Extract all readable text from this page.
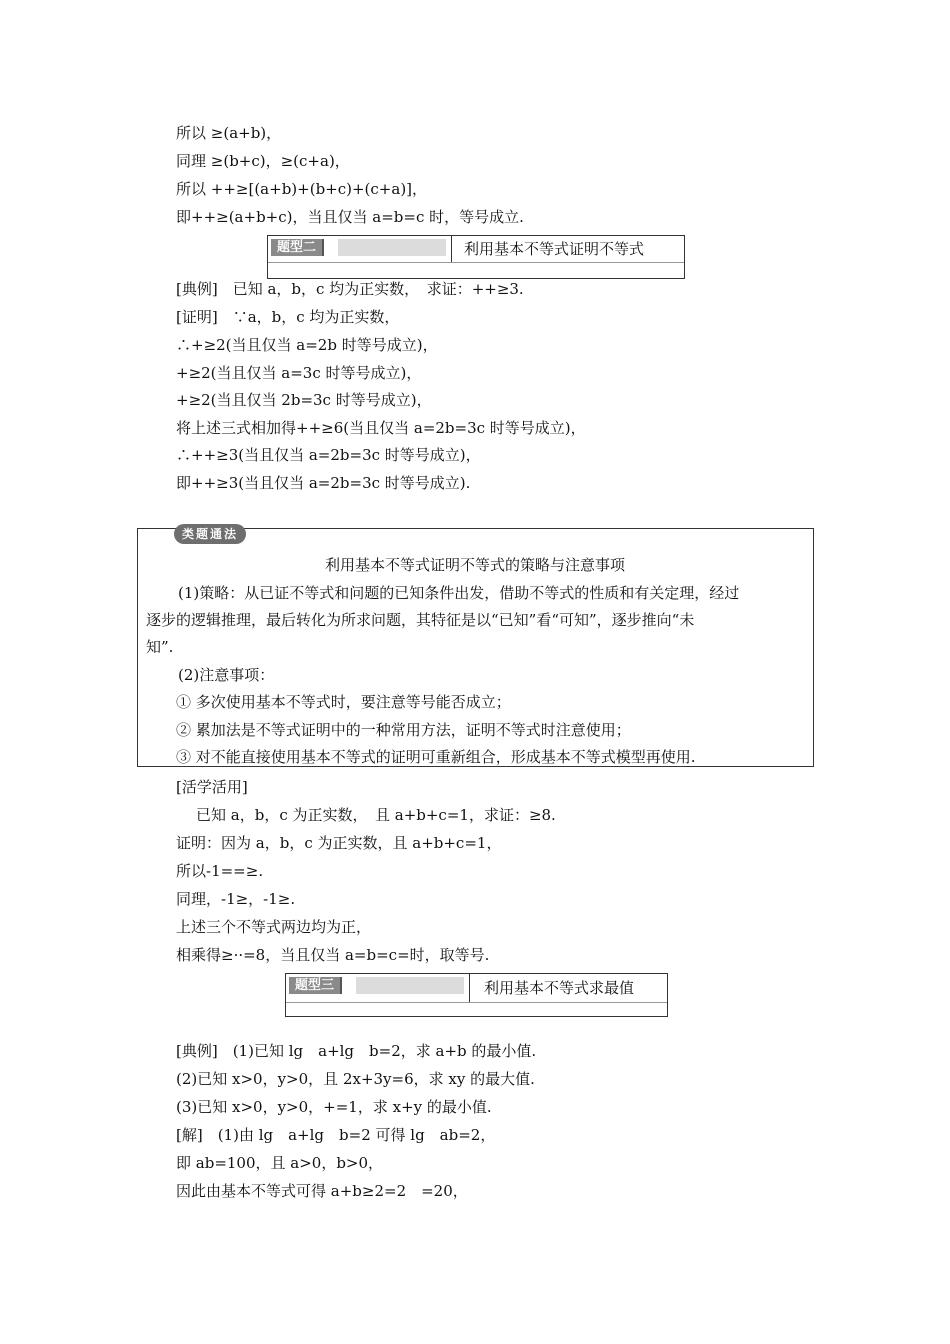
所以 ≥(a+b)，
同理 ≥(b+c)，≥(c+a)，
所以 ++≥[(a+b)+(b+c)+(c+a)]，
即++≥(a+b+c)，当且仅当 a=b=c 时，等号成立.
题型二	利用基本不等式证明不等式
[典例]　已知 a，b，c 均为正实数，　求证：++≥3.
[证明]　∵a，b，c 均为正实数，
∴+≥2(当且仅当 a=2b 时等号成立)，
+≥2(当且仅当 a=3c 时等号成立)，
+≥2(当且仅当 2b=3c 时等号成立)，
将上述三式相加得++≥6(当且仅当 a=2b=3c 时等号成立)，
∴++≥3(当且仅当 a=2b=3c 时等号成立)，
即++≥3(当且仅当 a=2b=3c 时等号成立).
类题通法
利用基本不等式证明不等式的策略与注意事项
(1)策略：从已证不等式和问题的已知条件出发，借助不等式的性质和有关定理，经过
逐步的逻辑推理，最后转化为所求问题，其特征是以“已知”看“可知”，逐步推向“未
知”.
(2)注意事项：
① 多次使用基本不等式时，要注意等号能否成立；
② 累加法是不等式证明中的一种常用方法，证明不等式时注意使用；
③ 对不能直接使用基本不等式的证明可重新组合，形成基本不等式模型再使用.
[活学活用]
已知 a，b，c 为正实数，　且 a+b+c=1，求证：≥8.
证明：因为 a，b，c 为正实数，且 a+b+c=1，
所以-1==≥.
同理，-1≥，-1≥.
上述三个不等式两边均为正，
相乘得≥··=8，当且仅当 a=b=c=时，取等号.
题型三	利用基本不等式求最值
[典例]　(1)已知 lg　a+lg　b=2，求 a+b 的最小值.
(2)已知 x>0，y>0，且 2x+3y=6，求 xy 的最大值.
(3)已知 x>0，y>0，+=1，求 x+y 的最小值.
[解]　(1)由 lg　a+lg　b=2 可得 lg　ab=2，
即 ab=100，且 a>0，b>0，
因此由基本不等式可得 a+b≥2=2　=20，
